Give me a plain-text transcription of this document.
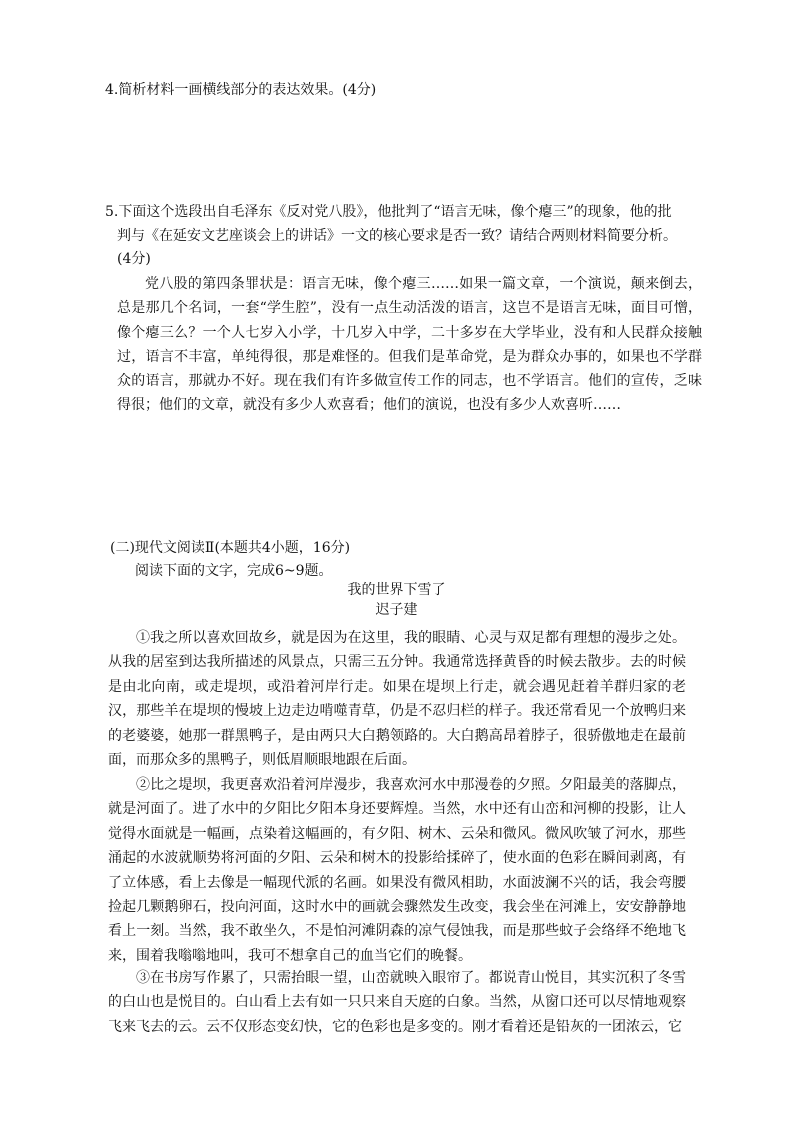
4.简析材料一画横线部分的表达效果。(4分)
5.下面这个选段出自毛泽东《反对党八股》，他批判了“语言无味，像个瘪三”的现象，他的批
判与《在延安文艺座谈会上的讲话》一文的核心要求是否一致？请结合两则材料简要分析。
(4分)
党八股的第四条罪状是：语言无味，像个瘪三……如果一篇文章，一个演说，颠来倒去，总是那几个名词，一套“学生腔”，没有一点生动活泼的语言，这岂不是语言无味，面目可憎，像个瘪三么？一个人七岁入小学，十几岁入中学，二十多岁在大学毕业，没有和人民群众接触过，语言不丰富，单纯得很，那是难怪的。但我们是革命党，是为群众办事的，如果也不学群众的语言，那就办不好。现在我们有许多做宣传工作的同志，也不学语言。他们的宣传，乏味得很；他们的文章，就没有多少人欢喜看；他们的演说，也没有多少人欢喜听……
(二)现代文阅读Ⅱ(本题共4小题，16分)
阅读下面的文字，完成6~9题。
我的世界下雪了
迟子建
①我之所以喜欢回故乡，就是因为在这里，我的眼睛、心灵与双足都有理想的漫步之处。从我的居室到达我所描述的风景点，只需三五分钟。我通常选择黄昏的时候去散步。去的时候是由北向南，或走堤坝，或沿着河岸行走。如果在堤坝上行走，就会遇见赶着羊群归家的老汉，那些羊在堤坝的慢坡上边走边啃噬青草，仍是不忍归栏的样子。我还常看见一个放鸭归来的老婆婆，她那一群黑鸭子，是由两只大白鹅领路的。大白鹅高昂着脖子，很骄傲地走在最前面，而那众多的黑鸭子，则低眉顺眼地跟在后面。
②比之堤坝，我更喜欢沿着河岸漫步，我喜欢河水中那漫卷的夕照。夕阳最美的落脚点，就是河面了。进了水中的夕阳比夕阳本身还要辉煌。当然，水中还有山峦和河柳的投影，让人觉得水面就是一幅画，点染着这幅画的，有夕阳、树木、云朵和微风。微风吹皱了河水，那些涌起的水波就顺势将河面的夕阳、云朵和树木的投影给揉碎了，使水面的色彩在瞬间剥离，有了立体感，看上去像是一幅现代派的名画。如果没有微风相助，水面波澜不兴的话，我会弯腰捡起几颗鹅卵石，投向河面，这时水中的画就会骤然发生改变，我会坐在河滩上，安安静静地看上一刻。当然，我不敢坐久，不是怕河滩阴森的凉气侵蚀我，而是那些蚊子会络绎不绝地飞来，围着我嗡嗡地叫，我可不想拿自己的血当它们的晚餐。
③在书房写作累了，只需抬眼一望，山峦就映入眼帘了。都说青山悦目，其实沉积了冬雪的白山也是悦目的。白山看上去有如一只只来自天庭的白象。当然，从窗口还可以尽情地观察飞来飞去的云。云不仅形态变幻快，它的色彩也是多变的。刚才看着还是铅灰的一团浓云，它
